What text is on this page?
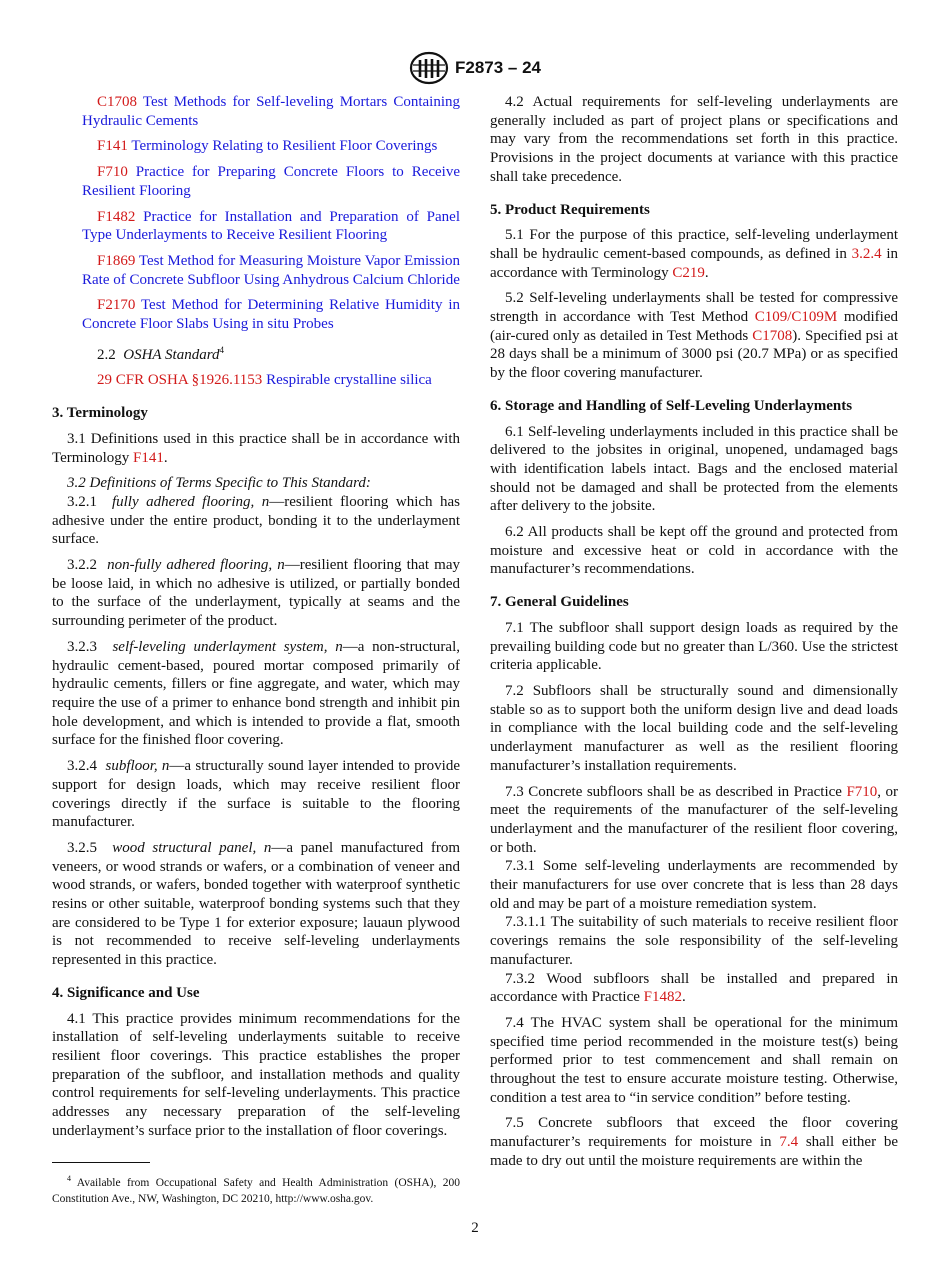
F2873 – 24

C1708 Test Methods for Self-leveling Mortars Containing Hydraulic Cements

F141 Terminology Relating to Resilient Floor Coverings

F710 Practice for Preparing Concrete Floors to Receive Resilient Flooring

F1482 Practice for Installation and Preparation of Panel Type Underlayments to Receive Resilient Flooring

F1869 Test Method for Measuring Moisture Vapor Emission Rate of Concrete Subfloor Using Anhydrous Calcium Chloride

F2170 Test Method for Determining Relative Humidity in Concrete Floor Slabs Using in situ Probes

2.2 OSHA Standard$^4$

29 CFR OSHA §1926.1153 Respirable crystalline silica

3. Terminology

3.1 Definitions used in this practice shall be in accordance with Terminology F141.

3.2 Definitions of Terms Specific to This Standard:

3.2.1 fully adhered flooring, n—resilient flooring which has adhesive under the entire product, bonding it to the underlayment surface.

3.2.2 non-fully adhered flooring, n—resilient flooring that may be loose laid, in which no adhesive is utilized, or partially bonded to the surface of the underlayment, typically at seams and the surrounding perimeter of the product.

3.2.3 self-leveling underlayment system, n—a non-structural, hydraulic cement-based, poured mortar composed primarily of hydraulic cements, fillers or fine aggregate, and water, which may require the use of a primer to enhance bond strength and inhibit pin hole development, and which is intended to provide a flat, smooth surface for the finished floor covering.

3.2.4 subfloor, n—a structurally sound layer intended to provide support for design loads, which may receive resilient floor coverings directly if the surface is suitable to the flooring manufacturer.

3.2.5 wood structural panel, n—a panel manufactured from veneers, or wood strands or wafers, or a combination of veneer and wood strands, or wafers, bonded together with waterproof synthetic resins or other suitable, waterproof bonding systems such that they are considered to be Type 1 for exterior exposure; lauaun plywood is not recommended to receive self-leveling underlayments represented in this practice.

4. Significance and Use

4.1 This practice provides minimum recommendations for the installation of self-leveling underlayments suitable to receive resilient floor coverings. This practice establishes the proper preparation of the subfloor, and installation methods and quality control requirements for self-leveling underlayments. This practice addresses any necessary preparation of the self-leveling underlayment’s surface prior to the installation of floor coverings.

$^4$ Available from Occupational Safety and Health Administration (OSHA), 200 Constitution Ave., NW, Washington, DC 20210, http://www.osha.gov.

4.2 Actual requirements for self-leveling underlayments are generally included as part of project plans or specifications and may vary from the recommendations set forth in this practice. Provisions in the project documents at variance with this practice shall take precedence.

5. Product Requirements

5.1 For the purpose of this practice, self-leveling underlayment shall be hydraulic cement-based compounds, as defined in 3.2.4 in accordance with Terminology C219.

5.2 Self-leveling underlayments shall be tested for compressive strength in accordance with Test Method C109/C109M modified (air-cured only as detailed in Test Methods C1708). Specified psi at 28 days shall be a minimum of 3000 psi (20.7 MPa) or as specified by the floor covering manufacturer.

6. Storage and Handling of Self-Leveling Underlayments

6.1 Self-leveling underlayments included in this practice shall be delivered to the jobsites in original, unopened, undamaged bags with identification labels intact. Bags and the enclosed material should not be damaged and shall be protected from the elements after delivery to the jobsite.

6.2 All products shall be kept off the ground and protected from moisture and excessive heat or cold in accordance with the manufacturer’s recommendations.

7. General Guidelines

7.1 The subfloor shall support design loads as required by the prevailing building code but no greater than L/360. Use the strictest criteria applicable.

7.2 Subfloors shall be structurally sound and dimensionally stable so as to support both the uniform design live and dead loads in compliance with the local building code and the self-leveling underlayment manufacturer as well as the resilient flooring manufacturer’s installation requirements.

7.3 Concrete subfloors shall be as described in Practice F710, or meet the requirements of the manufacturer of the self-leveling underlayment and the manufacturer of the resilient floor covering, or both.

7.3.1 Some self-leveling underlayments are recommended by their manufacturers for use over concrete that is less than 28 days old and may be part of a moisture remediation system.

7.3.1.1 The suitability of such materials to receive resilient floor coverings remains the sole responsibility of the self-leveling manufacturer.

7.3.2 Wood subfloors shall be installed and prepared in accordance with Practice F1482.

7.4 The HVAC system shall be operational for the minimum specified time period recommended in the moisture test(s) being performed prior to test commencement and shall remain on throughout the test to ensure accurate moisture testing. Otherwise, condition a test area to “in service condition” before testing.

7.5 Concrete subfloors that exceed the floor covering manufacturer’s requirements for moisture in 7.4 shall either be made to dry out until the moisture requirements are within the

2
